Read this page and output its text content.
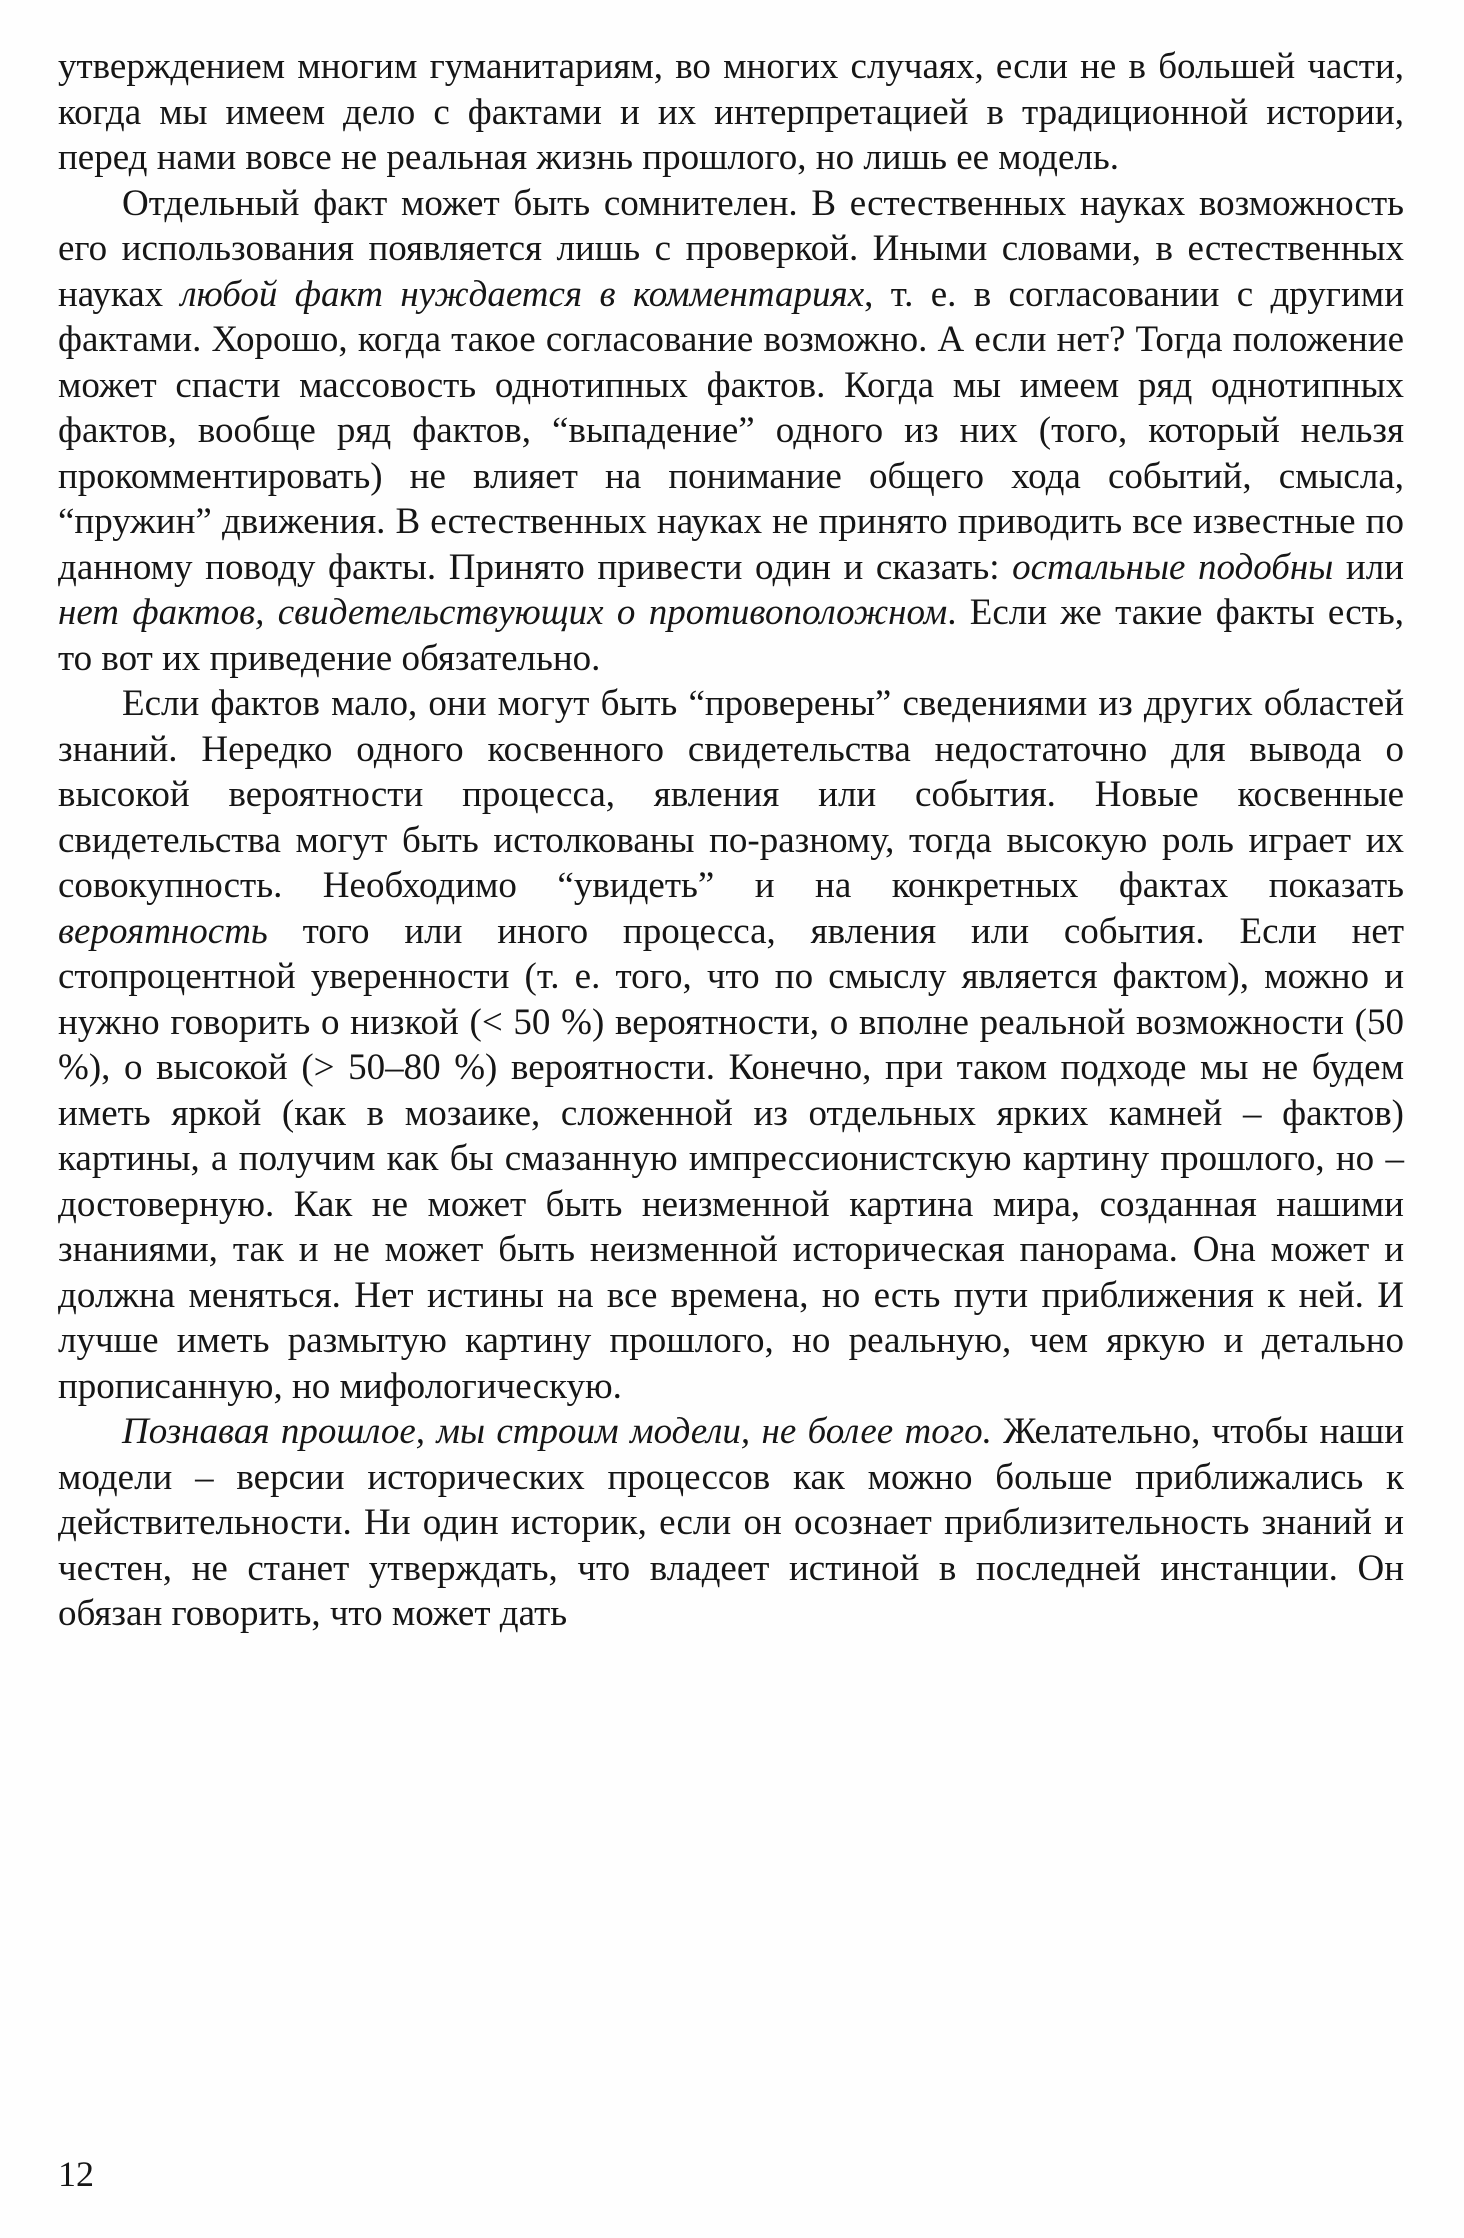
утверждением многим гуманитариям, во многих случаях, если не в большей части, когда мы имеем дело с фактами и их интерпретацией в традиционной истории, перед нами вовсе не реальная жизнь прошлого, но лишь ее модель.

Отдельный факт может быть сомнителен. В естественных науках возможность его использования появляется лишь с проверкой. Иными словами, в естественных науках любой факт нуждается в комментариях, т. е. в согласовании с другими фактами. Хорошо, когда такое согласование возможно. А если нет? Тогда положение может спасти массовость однотипных фактов. Когда мы имеем ряд однотипных фактов, вообще ряд фактов, “выпадение” одного из них (того, который нельзя прокомментировать) не влияет на понимание общего хода событий, смысла, “пружин” движения. В естественных науках не принято приводить все известные по данному поводу факты. Принято привести один и сказать: остальные подобны или нет фактов, свидетельствующих о противоположном. Если же такие факты есть, то вот их приведение обязательно.

Если фактов мало, они могут быть “проверены” сведениями из других областей знаний. Нередко одного косвенного свидетельства недостаточно для вывода о высокой вероятности процесса, явления или события. Новые косвенные свидетельства могут быть истолкованы по-разному, тогда высокую роль играет их совокупность. Необходимо “увидеть” и на конкретных фактах показать вероятность того или иного процесса, явления или события. Если нет стопроцентной уверенности (т. е. того, что по смыслу является фактом), можно и нужно говорить о низкой (< 50 %) вероятности, о вполне реальной возможности (50 %), о высокой (> 50–80 %) вероятности. Конечно, при таком подходе мы не будем иметь яркой (как в мозаике, сложенной из отдельных ярких камней – фактов) картины, а получим как бы смазанную импрессионистскую картину прошлого, но – достоверную. Как не может быть неизменной картина мира, созданная нашими знаниями, так и не может быть неизменной историческая панорама. Она может и должна меняться. Нет истины на все времена, но есть пути приближения к ней. И лучше иметь размытую картину прошлого, но реальную, чем яркую и детально прописанную, но мифологическую.

Познавая прошлое, мы строим модели, не более того. Желательно, чтобы наши модели – версии исторических процессов как можно больше приближались к действительности. Ни один историк, если он осознает приблизительность знаний и честен, не станет утверждать, что владеет истиной в последней инстанции. Он обязан говорить, что может дать

12
